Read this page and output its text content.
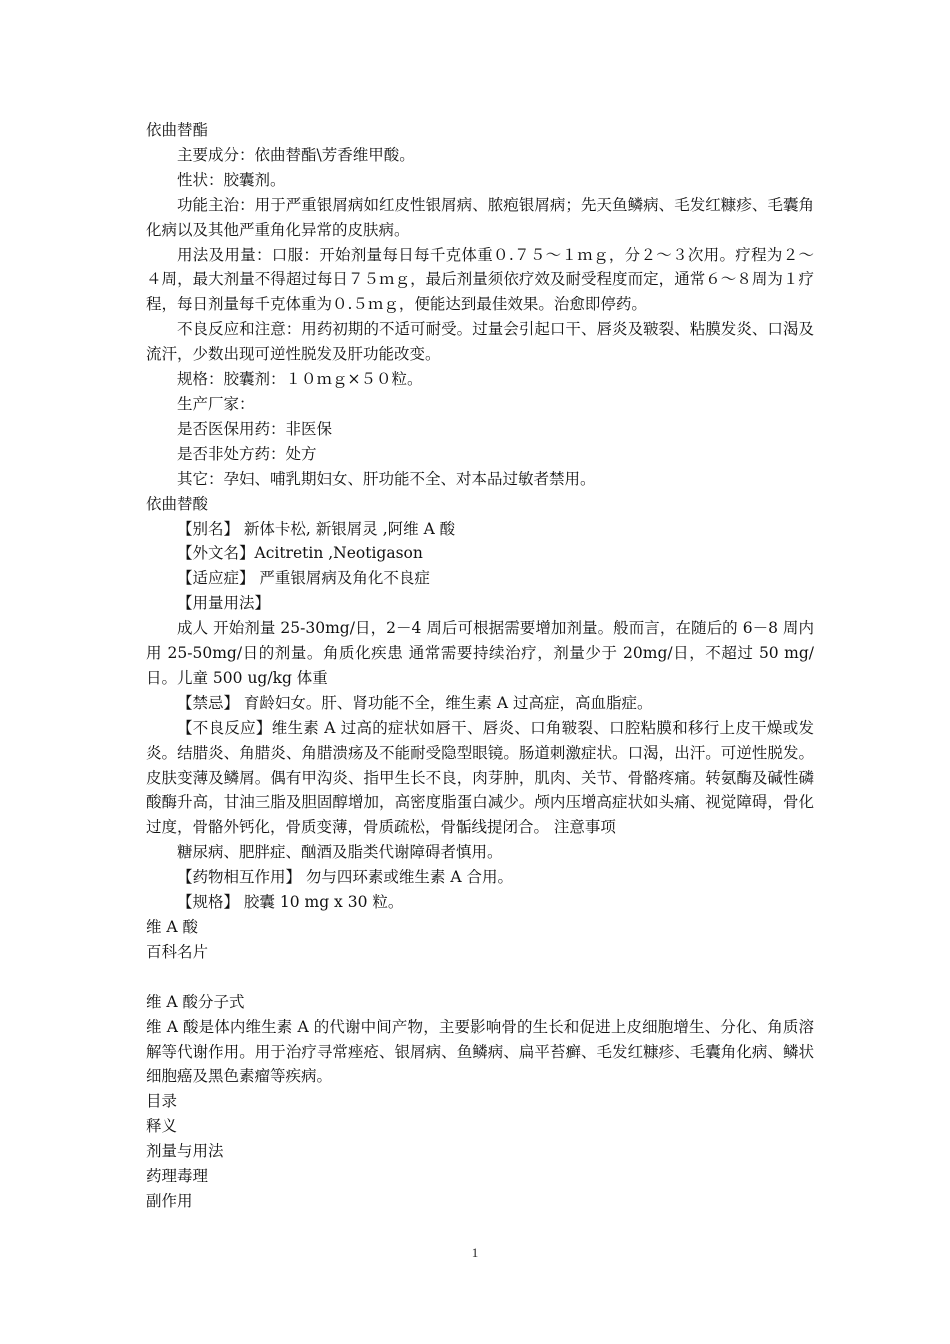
依曲替酯

主要成分：依曲替酯\芳香维甲酸。

性状：胶囊剂。

功能主治：用于严重银屑病如红皮性银屑病、脓疱银屑病；先天鱼鳞病、毛发红糠疹、毛囊角化病以及其他严重角化异常的皮肤病。

用法及用量：口服：开始剂量每日每千克体重０.７５～１ｍｇ，分２～３次用。疗程为２～４周，最大剂量不得超过每日７５ｍｇ，最后剂量须依疗效及耐受程度而定，通常６～８周为１疗程，每日剂量每千克体重为０.５ｍｇ，便能达到最佳效果。治愈即停药。

不良反应和注意：用药初期的不适可耐受。过量会引起口干、唇炎及皲裂、粘膜发炎、口渴及流汗，少数出现可逆性脱发及肝功能改变。

规格：胶囊剂：１０ｍｇ×５０粒。

生产厂家：

是否医保用药：非医保

是否非处方药：处方

其它：孕妇、哺乳期妇女、肝功能不全、对本品过敏者禁用。

依曲替酸

【别名】 新体卡松, 新银屑灵 ,阿维 A 酸

【外文名】Acitretin ,Neotigason

【适应症】 严重银屑病及角化不良症

【用量用法】

成人 开始剂量 25-30mg/日，2－4 周后可根据需要增加剂量。般而言，在随后的 6－8 周内用 25-50mg/日的剂量。角质化疾患 通常需要持续治疗，剂量少于 20mg/日，不超过 50 mg/日。儿童 500 ug/kg 体重

【禁忌】 育龄妇女。肝、肾功能不全，维生素 A 过高症，高血脂症。

【不良反应】维生素 A 过高的症状如唇干、唇炎、口角皲裂、口腔粘膜和移行上皮干燥或发炎。结腊炎、角腊炎、角腊溃疡及不能耐受隐型眼镜。肠道刺激症状。口渴，出汗。可逆性脱发。皮肤变薄及鳞屑。偶有甲沟炎、指甲生长不良，肉芽肿，肌肉、关节、骨骼疼痛。转氨酶及碱性磷酸酶升高，甘油三脂及胆固醇增加，高密度脂蛋白减少。颅内压增高症状如头痛、视觉障碍，骨化过度，骨骼外钙化，骨质变薄，骨质疏松，骨骺线提闭合。 注意事项

糖尿病、肥胖症、酗酒及脂类代谢障碍者慎用。

【药物相互作用】 勿与四环素或维生素 A 合用。

【规格】 胶囊 10 mg x 30 粒。

维 A 酸

百科名片

维 A 酸分子式

维 A 酸是体内维生素 A 的代谢中间产物，主要影响骨的生长和促进上皮细胞增生、分化、角质溶解等代谢作用。用于治疗寻常痤疮、银屑病、鱼鳞病、扁平苔癣、毛发红糠疹、毛囊角化病、鳞状细胞癌及黑色素瘤等疾病。

目录

释义

剂量与用法

药理毒理

副作用

1
